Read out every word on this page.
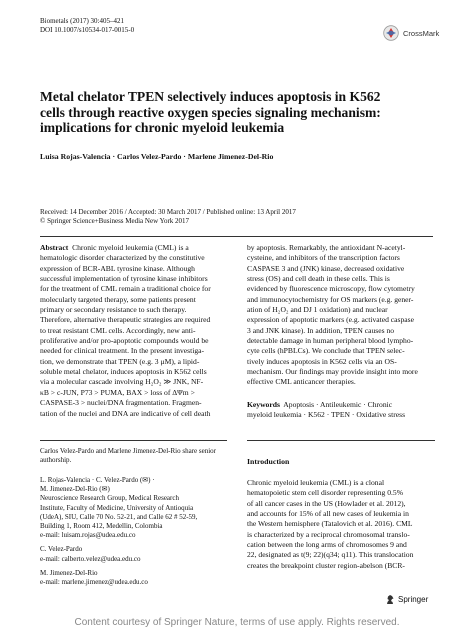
Biometals (2017) 30:405–421
DOI 10.1007/s10534-017-0015-0	CrossMark
Metal chelator TPEN selectively induces apoptosis in K562
cells through reactive oxygen species signaling mechanism:
implications for chronic myeloid leukemia
Luisa Rojas-Valencia · Carlos Velez-Pardo · Marlene Jimenez-Del-Rio
Received: 14 December 2016 / Accepted: 30 March 2017 / Published online: 13 April 2017
© Springer Science+Business Media New York 2017
Abstract Chronic myeloid leukemia (CML) is a
hematologic disorder characterized by the constitutive
expression of BCR-ABL tyrosine kinase. Although
successful implementation of tyrosine kinase inhibitors
for the treatment of CML remain a traditional choice for
molecularly targeted therapy, some patients present
primary or secondary resistance to such therapy.
Therefore, alternative therapeutic strategies are required
to treat resistant CML cells. Accordingly, new anti-
proliferative and/or pro-apoptotic compounds would be
needed for clinical treatment. In the present investiga-
tion, we demonstrate that TPEN (e.g. 3 μM), a lipid-
soluble metal chelator, induces apoptosis in K562 cells
via a molecular cascade involving H₂O₂ ≫ JNK, NF-
κB > c-JUN, P73 > PUMA, BAX > loss of ΔΨm >
CASPASE-3 > nuclei/DNA fragmentation. Fragmen-
tation of the nuclei and DNA are indicative of cell death
by apoptosis. Remarkably, the antioxidant N-acetyl-
cysteine, and inhibitors of the transcription factors
CASPASE 3 and (JNK) kinase, decreased oxidative
stress (OS) and cell death in these cells. This is
evidenced by fluorescence microscopy, flow cytometry
and immunocytochemistry for OS markers (e.g. gener-
ation of H₂O₂ and DJ 1 oxidation) and nuclear
expression of apoptotic markers (e.g. activated caspase
3 and JNK kinase). In addition, TPEN causes no
detectable damage in human peripheral blood lympho-
cyte cells (hPBLCs). We conclude that TPEN selec-
tively induces apoptosis in K562 cells via an OS-
mechanism. Our findings may provide insight into more
effective CML anticancer therapies.
Keywords Apoptosis · Antileukemic · Chronic
myeloid leukemia · K562 · TPEN · Oxidative stress
Carlos Velez-Pardo and Marlene Jimenez-Del-Rio share senior
authorship.
L. Rojas-Valencia · C. Velez-Pardo (✉) ·
M. Jimenez-Del-Rio (✉)
Neuroscience Research Group, Medical Research
Institute, Faculty of Medicine, University of Antioquia
(UdeA), SIU, Calle 70 No. 52-21, and Calle 62 # 52-59,
Building 1, Room 412, Medellin, Colombia
e-mail: luisam.rojas@udea.edu.co
C. Velez-Pardo
e-mail: calberto.velez@udea.edu.co
M. Jimenez-Del-Rio
e-mail: marlene.jimenez@udea.edu.co
Introduction
Chronic myeloid leukemia (CML) is a clonal
hematopoietic stem cell disorder representing 0.5%
of all cancer cases in the US (Howlader et al. 2012),
and accounts for 15% of all new cases of leukemia in
the Western hemisphere (Tatalovich et al. 2016). CML
is characterized by a reciprocal chromosomal translo-
cation between the long arms of chromosomes 9 and
22, designated as t(9; 22)(q34; q11). This translocation
creates the breakpoint cluster region-abelson (BCR-
Springer
Content courtesy of Springer Nature, terms of use apply. Rights reserved.
